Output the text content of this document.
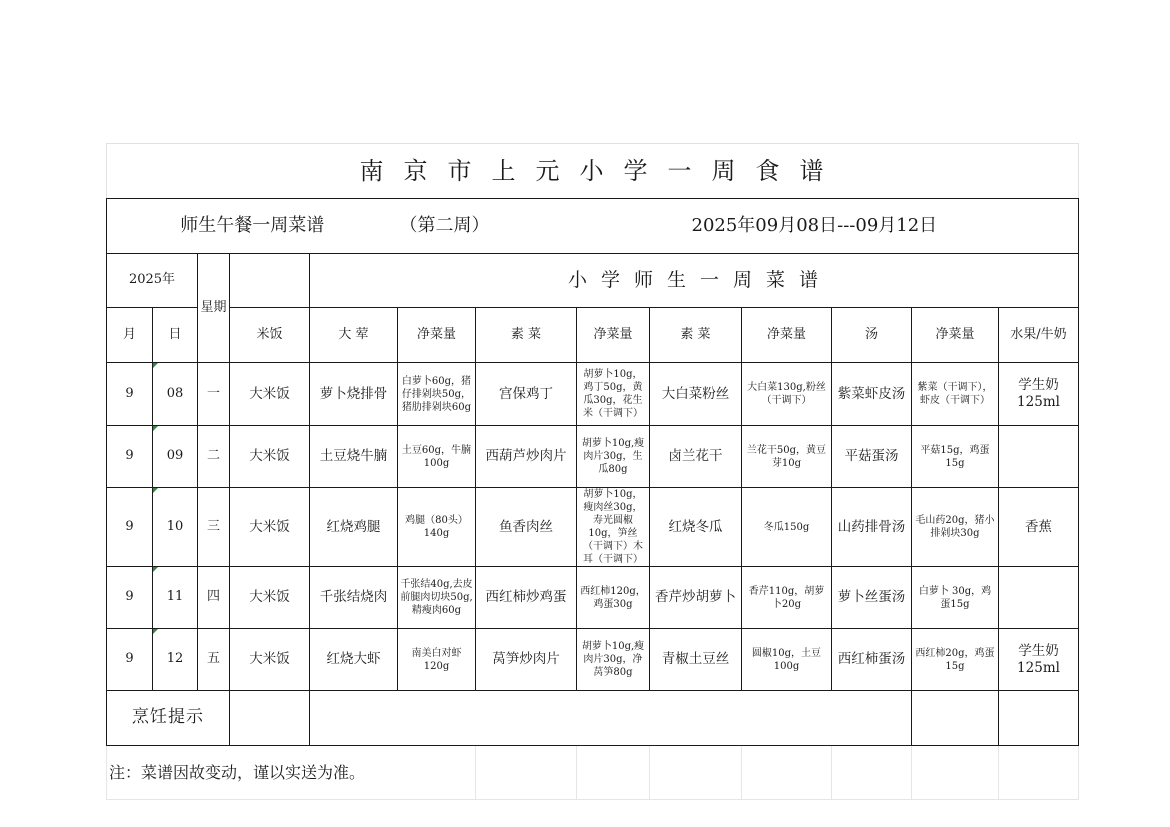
南京市上元小学一周食谱												
师生午餐一周菜谱					（第二周）			2025年09月08日---09月12日				
2025年		星期		小学师生一周菜谱								
月	日		米饭	大 荤	净菜量	素 菜	净菜量	素 菜	净菜量	汤	净菜量	水果/牛奶
9	08	一	大米饭	萝卜烧排骨	白萝卜60g，猪仔排剁块50g，猪肋排剁块60g	宫保鸡丁	胡萝卜10g，鸡丁50g，黄瓜30g，花生米（干调下）	大白菜粉丝	大白菜130g,粉丝（干调下）	紫菜虾皮汤	紫菜（干调下），虾皮（干调下）	学生奶125ml
9	09	二	大米饭	土豆烧牛腩	土豆60g，牛腩100g	西葫芦炒肉片	胡萝卜10g,瘦肉片30g，生瓜80g	卤兰花干	兰花干50g，黄豆芽10g	平菇蛋汤	平菇15g，鸡蛋15g	
9	10	三	大米饭	红烧鸡腿	鸡腿（80头）140g	鱼香肉丝	胡萝卜10g， 瘦肉丝30g，寿光圆椒10g，笋丝（干调下）木耳（干调下）	红烧冬瓜	冬瓜150g	山药排骨汤	毛山药20g，猪小排剁块30g	香蕉
9	11	四	大米饭	千张结烧肉	千张结40g,去皮前腿肉切块50g,精瘦肉60g	西红柿炒鸡蛋	西红柿120g，鸡蛋30g	香芹炒胡萝卜	香芹110g，胡萝卜20g	萝卜丝蛋汤	白萝卜 30g，鸡蛋15g	
9	12	五	大米饭	红烧大虾	南美白对虾120g	莴笋炒肉片	胡萝卜10g,瘦肉片30g，净莴笋80g	青椒土豆丝	圆椒10g，土豆100g	西红柿蛋汤	西红柿20g，鸡蛋15g	学生奶 125ml
烹饪提示												
注：菜谱因故变动，谨以实送为准。												
